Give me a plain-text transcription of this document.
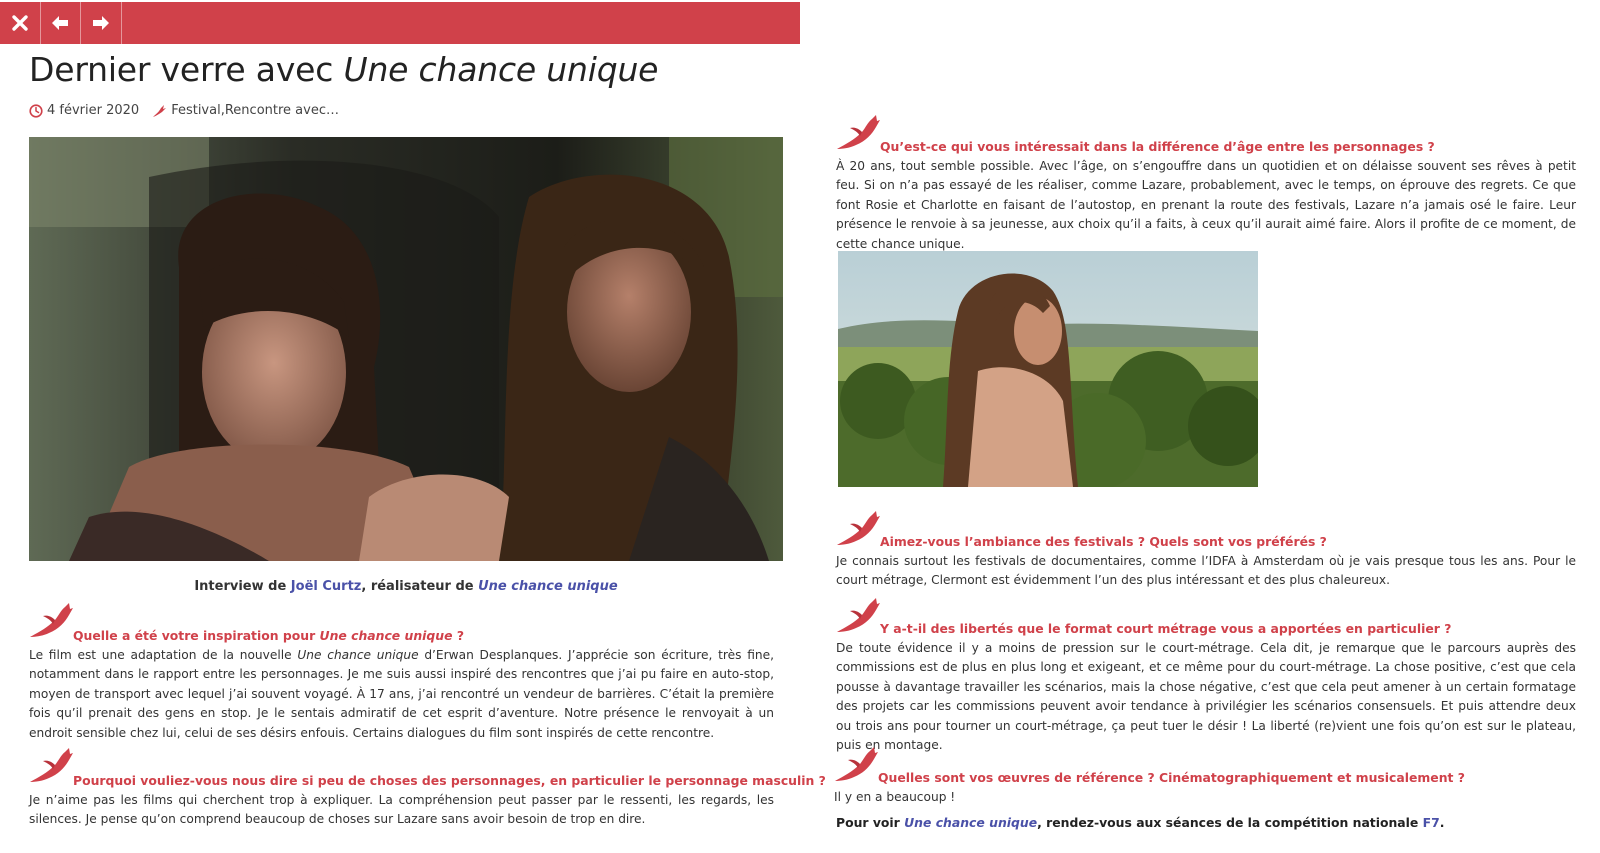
Dernier verre avec Une chance unique
4 février 2020 Festival , Rencontre avec…
Interview de Joël Curtz, réalisateur de Une chance unique
Quelle a été votre inspiration pour Une chance unique ?
Le film est une adaptation de la nouvelle Une chance unique d’Erwan Desplanques. J’apprécie son écriture, très fine, notamment dans le rapport entre les personnages. Je me suis aussi inspiré des rencontres que j’ai pu faire en auto-stop, moyen de transport avec lequel j’ai souvent voyagé. À 17 ans, j’ai rencontré un vendeur de barrières. C’était la première fois qu’il prenait des gens en stop. Je le sentais admiratif de cet esprit d’aventure. Notre présence le renvoyait à un endroit sensible chez lui, celui de ses désirs enfouis. Certains dialogues du film sont inspirés de cette rencontre.
Pourquoi vouliez-vous nous dire si peu de choses des personnages, en particulier le personnage masculin ?
Je n’aime pas les films qui cherchent trop à expliquer. La compréhension peut passer par le ressenti, les regards, les silences. Je pense qu’on comprend beaucoup de choses sur Lazare sans avoir besoin de trop en dire.
Qu’est-ce qui vous intéressait dans la différence d’âge entre les personnages ?
À 20 ans, tout semble possible. Avec l’âge, on s’engouffre dans un quotidien et on délaisse souvent ses rêves à petit feu. Si on n’a pas essayé de les réaliser, comme Lazare, probablement, avec le temps, on éprouve des regrets. Ce que font Rosie et Charlotte en faisant de l’autostop, en prenant la route des festivals, Lazare n’a jamais osé le faire. Leur présence le renvoie à sa jeunesse, aux choix qu’il a faits, à ceux qu’il aurait aimé faire. Alors il profite de ce moment, de cette chance unique.
Aimez-vous l’ambiance des festivals ? Quels sont vos préférés ?
Je connais surtout les festivals de documentaires, comme l’IDFA à Amsterdam où je vais presque tous les ans. Pour le court métrage, Clermont est évidemment l’un des plus intéressant et des plus chaleureux.
Y a-t-il des libertés que le format court métrage vous a apportées en particulier ?
De toute évidence il y a moins de pression sur le court-métrage. Cela dit, je remarque que le parcours auprès des commissions est de plus en plus long et exigeant, et ce même pour du court-métrage. La chose positive, c’est que cela pousse à davantage travailler les scénarios, mais la chose négative, c’est que cela peut amener à un certain formatage des projets car les commissions peuvent avoir tendance à privilégier les scénarios consensuels. Et puis attendre deux ou trois ans pour tourner un court-métrage, ça peut tuer le désir ! La liberté (re)vient une fois qu’on est sur le plateau, puis en montage.
Quelles sont vos œuvres de référence ? Cinématographiquement et musicalement ?
Il y en a beaucoup !
Pour voir Une chance unique, rendez-vous aux séances de la compétition nationale F7.
